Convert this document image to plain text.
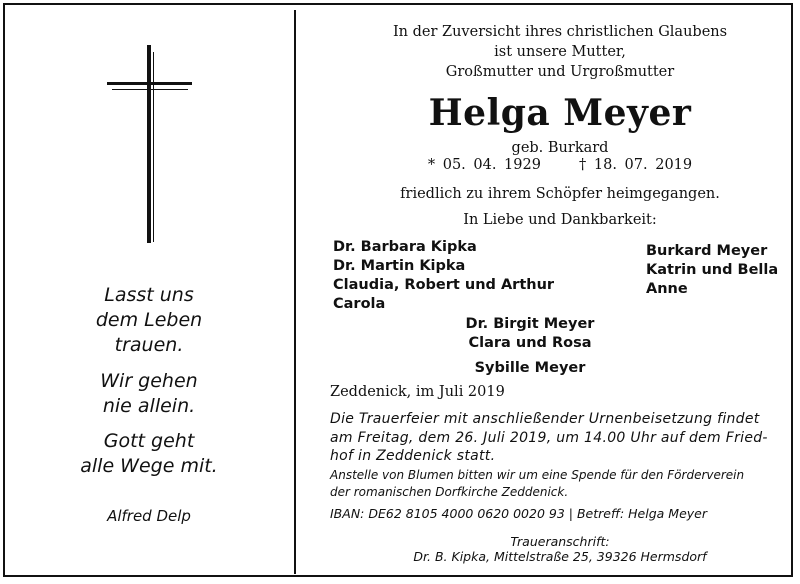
Lasst uns
dem Leben
trauen.
Wir gehen
nie allein.
Gott geht
alle Wege mit.
Alfred Delp
In der Zuversicht ihres christlichen Glaubens
ist unsere Mutter,
Großmutter und Urgroßmutter
Helga Meyer
geb. Burkard
* 05. 04. 1929	† 18. 07. 2019
friedlich zu ihrem Schöpfer heimgegangen.
In Liebe und Dankbarkeit:
Dr. Barbara Kipka
Dr. Martin Kipka
Claudia, Robert und Arthur
Carola
Burkard Meyer
Katrin und Bella
Anne
Dr. Birgit Meyer
Clara und Rosa
Sybille Meyer
Zeddenick, im Juli 2019
Die Trauerfeier mit anschließender Urnenbeisetzung findet
am Freitag, dem 26. Juli 2019, um 14.00 Uhr auf dem Fried-
hof in Zeddenick statt.
Anstelle von Blumen bitten wir um eine Spende für den Förderverein
der romanischen Dorfkirche Zeddenick.
IBAN: DE62 8105 4000 0620 0020 93 | Betreff: Helga Meyer
Traueranschrift:
Dr. B. Kipka, Mittelstraße 25, 39326 Hermsdorf
